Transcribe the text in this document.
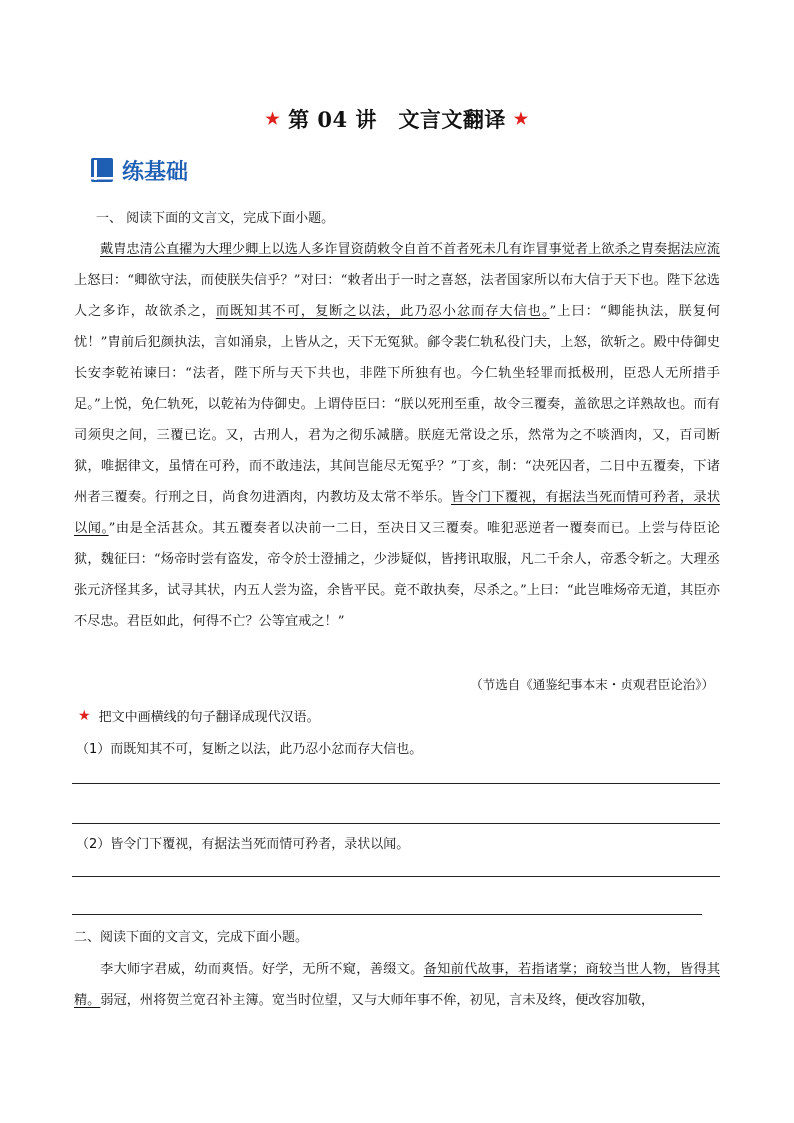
★ 第 04 讲　文言文翻译 ★
练基础
一、 阅读下面的文言文，完成下面小题。
戴胄忠清公直擢为大理少卿上以选人多诈冒资荫敕令自首不首者死未几有诈冒事觉者上欲杀之胄奏据法应流上怒曰：“卿欲守法，而使朕失信乎？”对曰：“敕者出于一时之喜怒，法者国家所以布大信于天下也。陛下忿选人之多诈，故欲杀之，而既知其不可，复断之以法，此乃忍小忿而存大信也。”上曰：“卿能执法，朕复何忧！”胄前后犯颜执法，言如涌泉，上皆从之，天下无冤狱。鄃令裴仁轨私役门夫，上怒，欲斩之。殿中侍御史长安李乾祐谏曰：“法者，陛下所与天下共也，非陛下所独有也。今仁轨坐轻罪而抵极刑，臣恐人无所措手足。”上悦，免仁轨死，以乾祐为侍御史。上谓侍臣曰：“朕以死刑至重，故令三覆奏，盖欲思之详熟故也。而有司须臾之间，三覆已讫。又，古刑人，君为之彻乐减膳。朕庭无常设之乐，然常为之不啖酒肉，又，百司断狱，唯据律文，虽情在可矜，而不敢违法，其间岂能尽无冤乎？”丁亥，制：“决死囚者，二日中五覆奏，下诸州者三覆奏。行刑之日，尚食勿进酒肉，内教坊及太常不举乐。皆令门下覆视，有据法当死而情可矜者，录状以闻。”由是全活甚众。其五覆奏者以决前一二日，至决日又三覆奏。唯犯恶逆者一覆奏而已。上尝与侍臣论狱，魏征曰：“炀帝时尝有盗发，帝令於士澄捕之，少涉疑似，皆拷讯取服，凡二千余人，帝悉令斩之。大理丞张元济怪其多，试寻其状，内五人尝为盗，余皆平民。竟不敢执奏，尽杀之。”上曰：“此岂唯炀帝无道，其臣亦不尽忠。君臣如此，何得不亡？公等宜戒之！”
（节选自《通鉴纪事本末・贞观君臣论治》）
★ 把文中画横线的句子翻译成现代汉语。
（1）而既知其不可，复断之以法，此乃忍小忿而存大信也。
（2）皆令门下覆视，有据法当死而情可矜者，录状以闻。
二、阅读下面的文言文，完成下面小题。
李大师字君威，幼而爽悟。好学，无所不窥，善缀文。备知前代故事，若指诸掌；商较当世人物，皆得其精。弱冠，州将贺兰宽召补主簿。宽当时位望，又与大师年事不侔，初见，言未及终，便改容加敬，
